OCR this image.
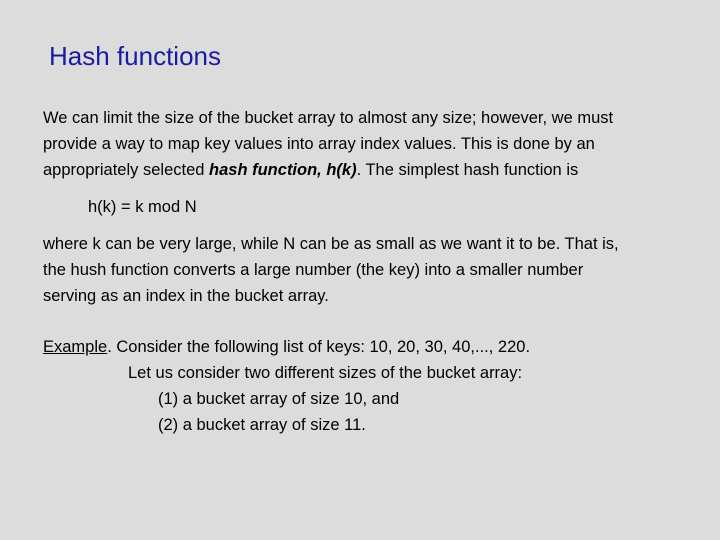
Hash functions
We can limit the size of the bucket array to almost any size; however, we must
provide a way to map key values into array index values. This is done by an
appropriately selected hash function, h(k). The simplest hash function is
h(k) = k mod N
where k can be very large, while N can be as small as we want it to be. That is,
the hush function converts a large number (the key) into a smaller number
serving as an index in the bucket array.
Example. Consider the following list of keys: 10, 20, 30, 40,..., 220.
Let us consider two different sizes of the bucket array:
(1) a bucket array of size 10, and
(2) a bucket array of size 11.
